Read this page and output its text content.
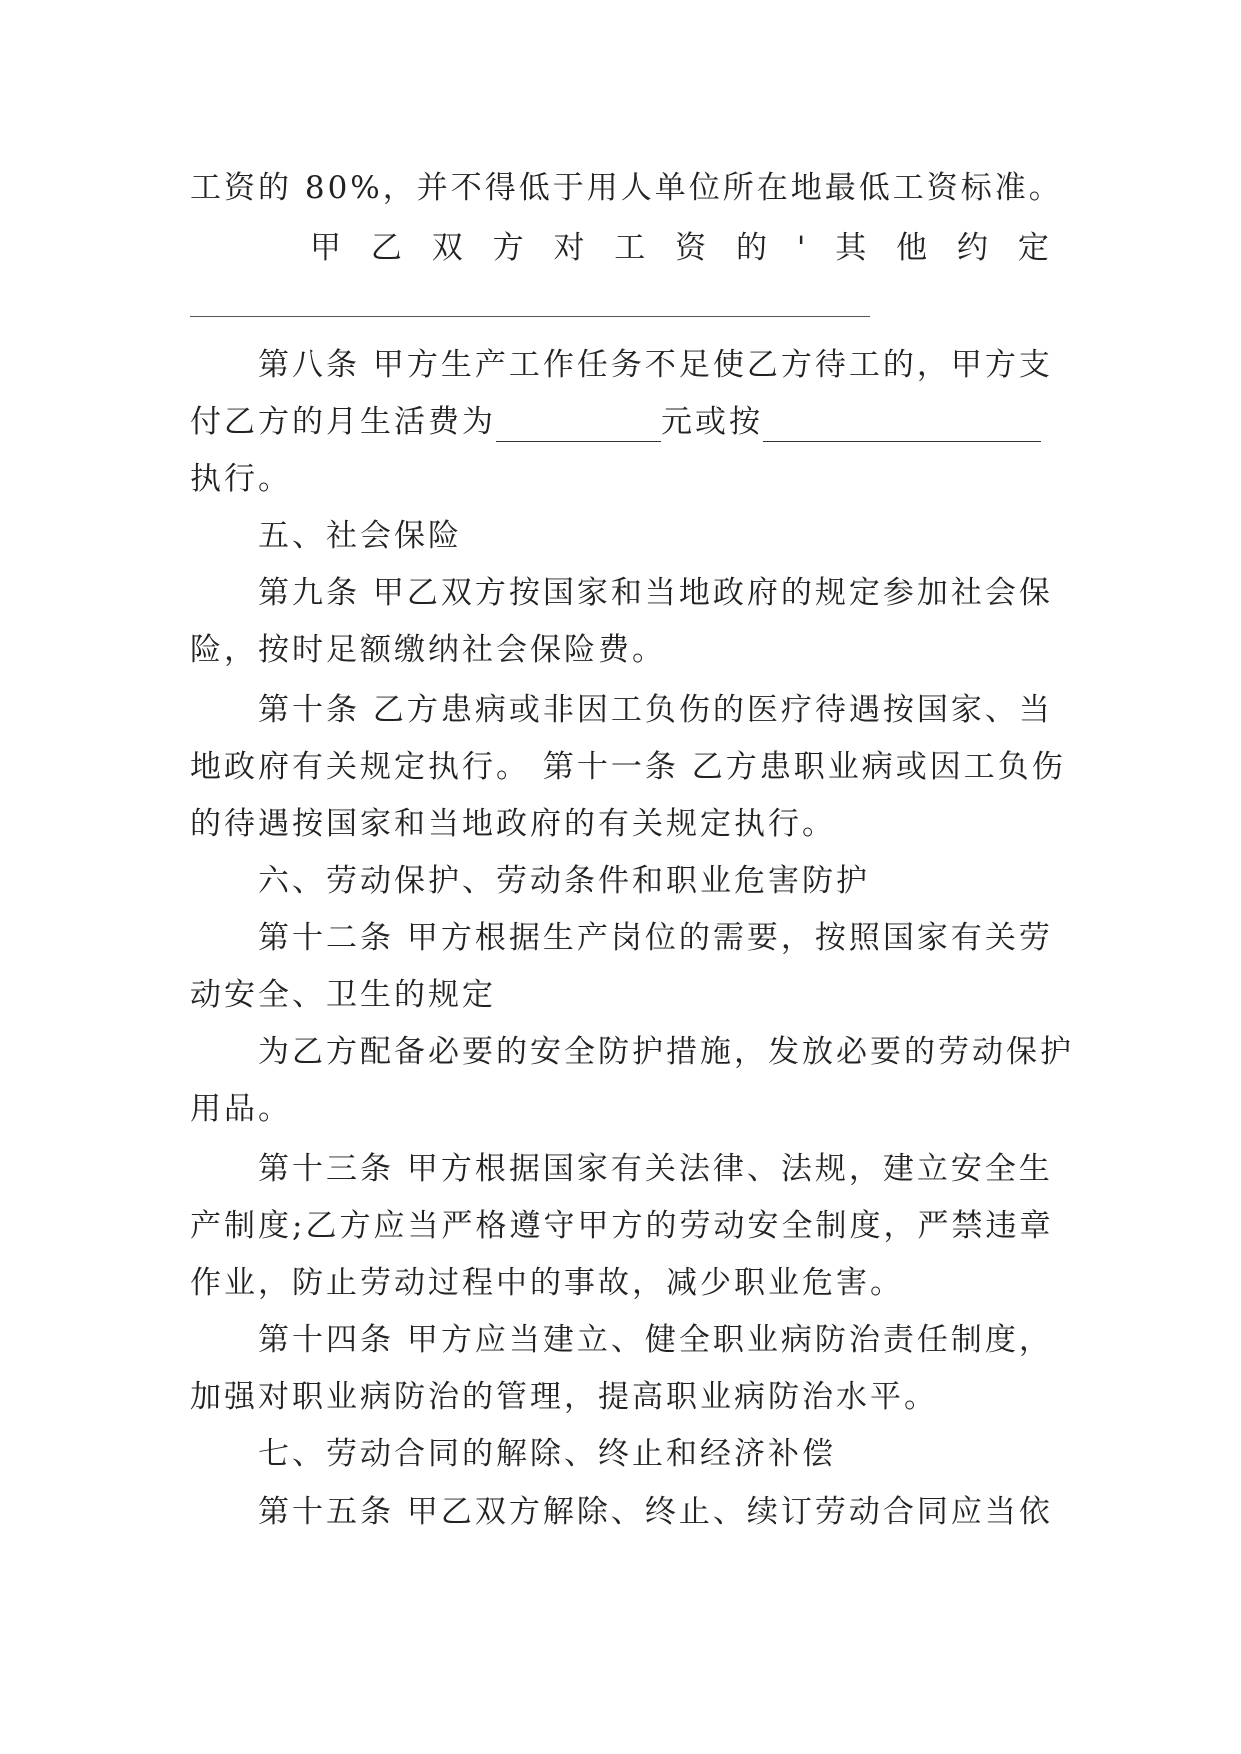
工资的 80%，并不得低于用人单位所在地最低工资标准。
甲 乙 双 方 对 工 资 的 ' 其 他 约 定
第八条 甲方生产工作任务不足使乙方待工的，甲方支
付乙方的月生活费为	元或按
执行。
五、社会保险
第九条 甲乙双方按国家和当地政府的规定参加社会保
险，按时足额缴纳社会保险费。
第十条 乙方患病或非因工负伤的医疗待遇按国家、当
地政府有关规定执行。 第十一条 乙方患职业病或因工负伤
的待遇按国家和当地政府的有关规定执行。
六、劳动保护、劳动条件和职业危害防护
第十二条 甲方根据生产岗位的需要，按照国家有关劳
动安全、卫生的规定
为乙方配备必要的安全防护措施，发放必要的劳动保护
用品。
第十三条 甲方根据国家有关法律、法规，建立安全生
产制度;乙方应当严格遵守甲方的劳动安全制度，严禁违章
作业，防止劳动过程中的事故，减少职业危害。
第十四条 甲方应当建立、健全职业病防治责任制度，
加强对职业病防治的管理，提高职业病防治水平。
七、劳动合同的解除、终止和经济补偿
第十五条 甲乙双方解除、终止、续订劳动合同应当依
